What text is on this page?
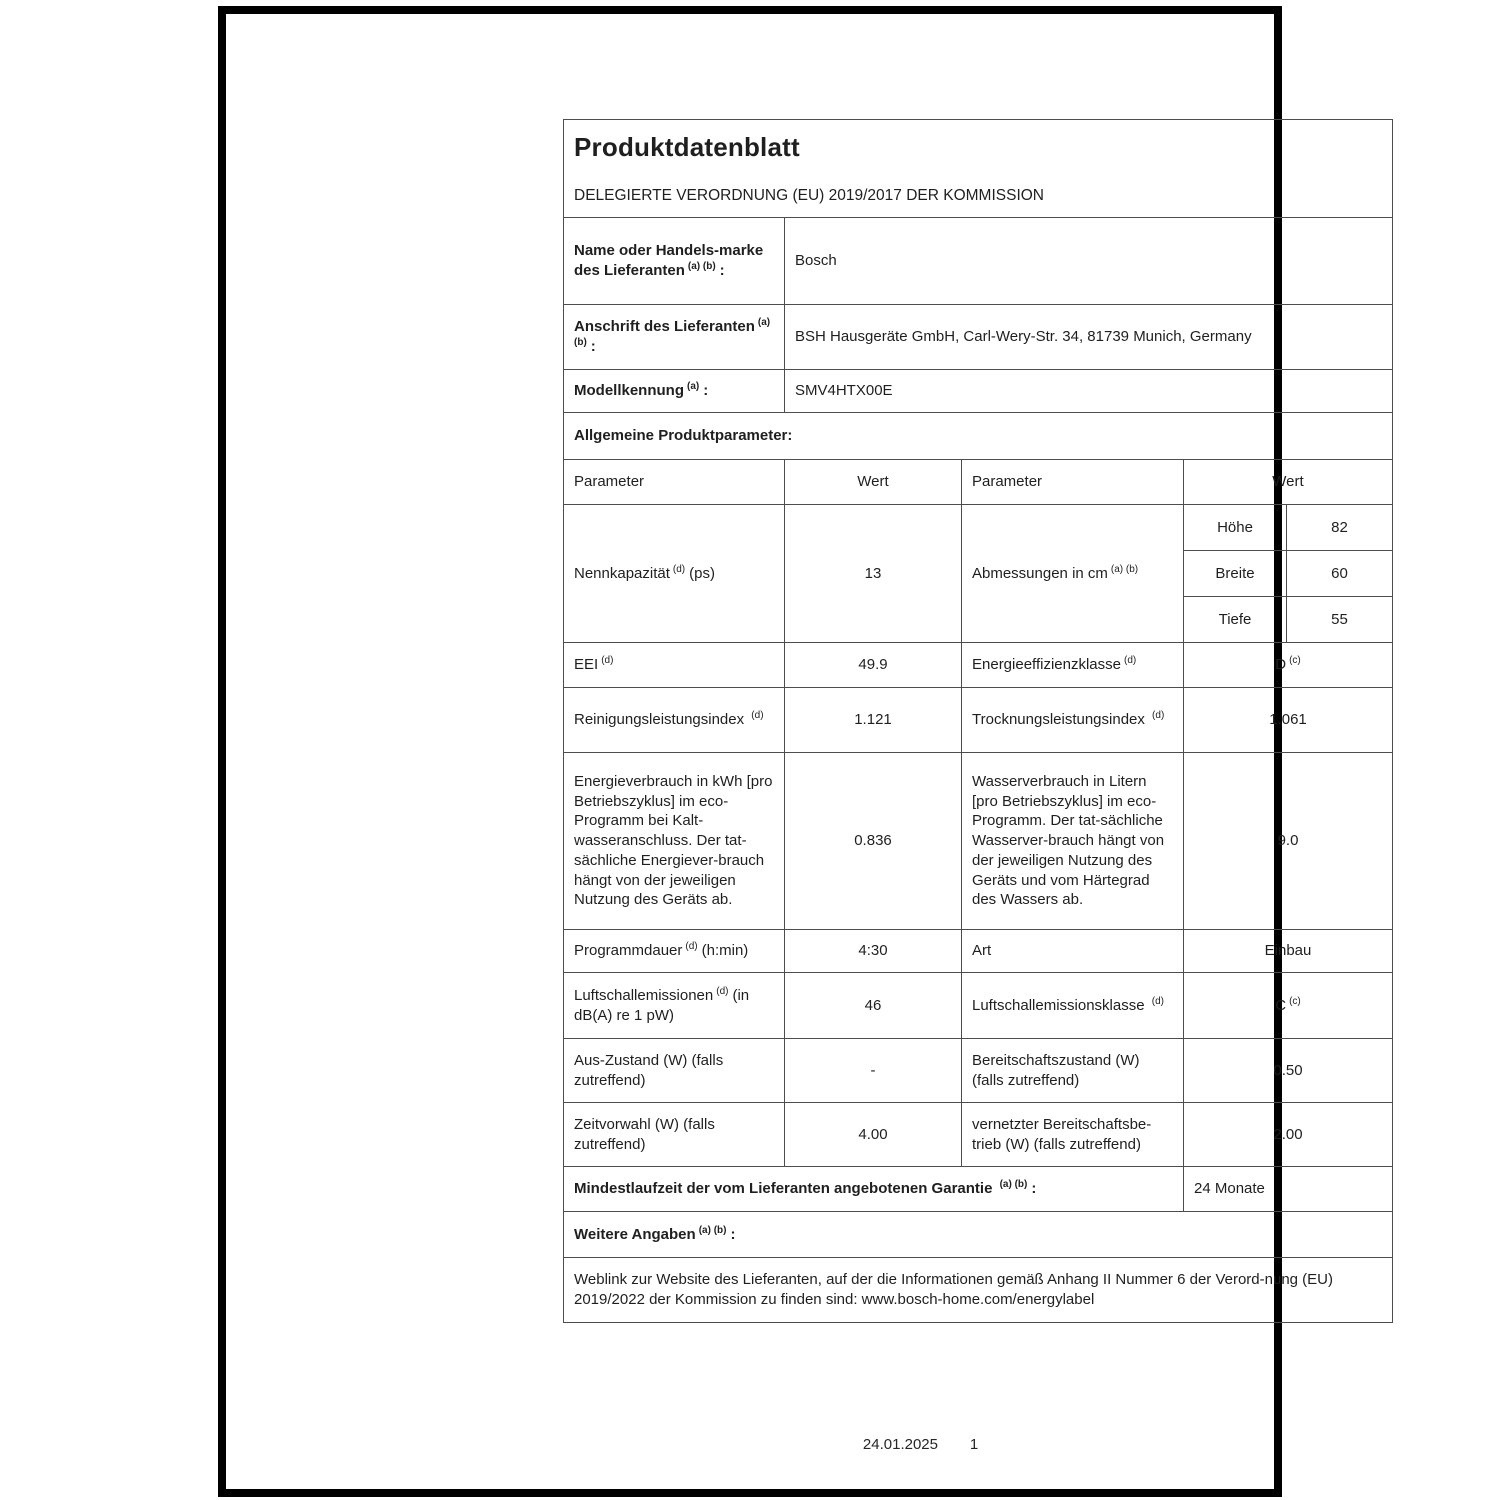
Produktdatenblatt
DELEGIERTE VERORDNUNG (EU) 2019/2017 DER KOMMISSION				

Name oder Handels-marke des Lieferanten $^{(a) (b)}$ :	Bosch			
Anschrift des Lieferanten $^{(a) (b)}$ :	BSH Hausgeräte GmbH, Carl-Wery-Str. 34, 81739 Munich, Germany			
Modellkennung $^{(a)}$ :	SMV4HTX00E			
Allgemeine Produktparameter:				
Parameter	Wert	Parameter	Wert	
Nennkapazität $^{(d)}$ (ps)	13	Abmessungen in cm $^{(a) (b)}$	Höhe	82
			Breite	60
			Tiefe	55
EEI $^{(d)}$	49.9	Energieeffizienzklasse $^{(d)}$	D $^{(c)}$
Reinigungsleistungsindex $^{(d)}$	1.121	Trocknungsleistungsindex $^{(d)}$	1.061	
Energieverbrauch in kWh [pro Betriebszyklus] im eco-Programm bei Kalt-wasseranschluss. Der tat-sächliche Energiever-brauch hängt von der jeweiligen Nutzung des Geräts ab.	0.836	Wasserverbrauch in Litern [pro Betriebszyklus] im eco-Programm. Der tat-sächliche Wasserver-brauch hängt von der jeweiligen Nutzung des Geräts und vom Härtegrad des Wassers ab.	9.0	
Programmdauer $^{(d)}$ (h:min)	4:30	Art	Einbau	
Luftschallemissionen $^{(d)}$ (in dB(A) re 1 pW)	46	Luftschallemissionsklasse $^{(d)}$	C $^{(c)}$
Aus-Zustand (W) (falls zutreffend)	-	Bereitschaftszustand (W) (falls zutreffend)	0.50	
Zeitvorwahl (W) (falls zutreffend)	4.00	vernetzter Bereitschaftsbe-trieb (W) (falls zutreffend)	2.00	
Mindestlaufzeit der vom Lieferanten angebotenen Garantie $^{(a) (b)}$ :			24 Monate	
Weitere Angaben $^{(a) (b)}$ :				
Weblink zur Website des Lieferanten, auf der die Informationen gemäß Anhang II Nummer 6 der Verord-nung (EU) 2019/2022 der Kommission zu finden sind: www.bosch-home.com/energylabel				
1
24.01.2025
